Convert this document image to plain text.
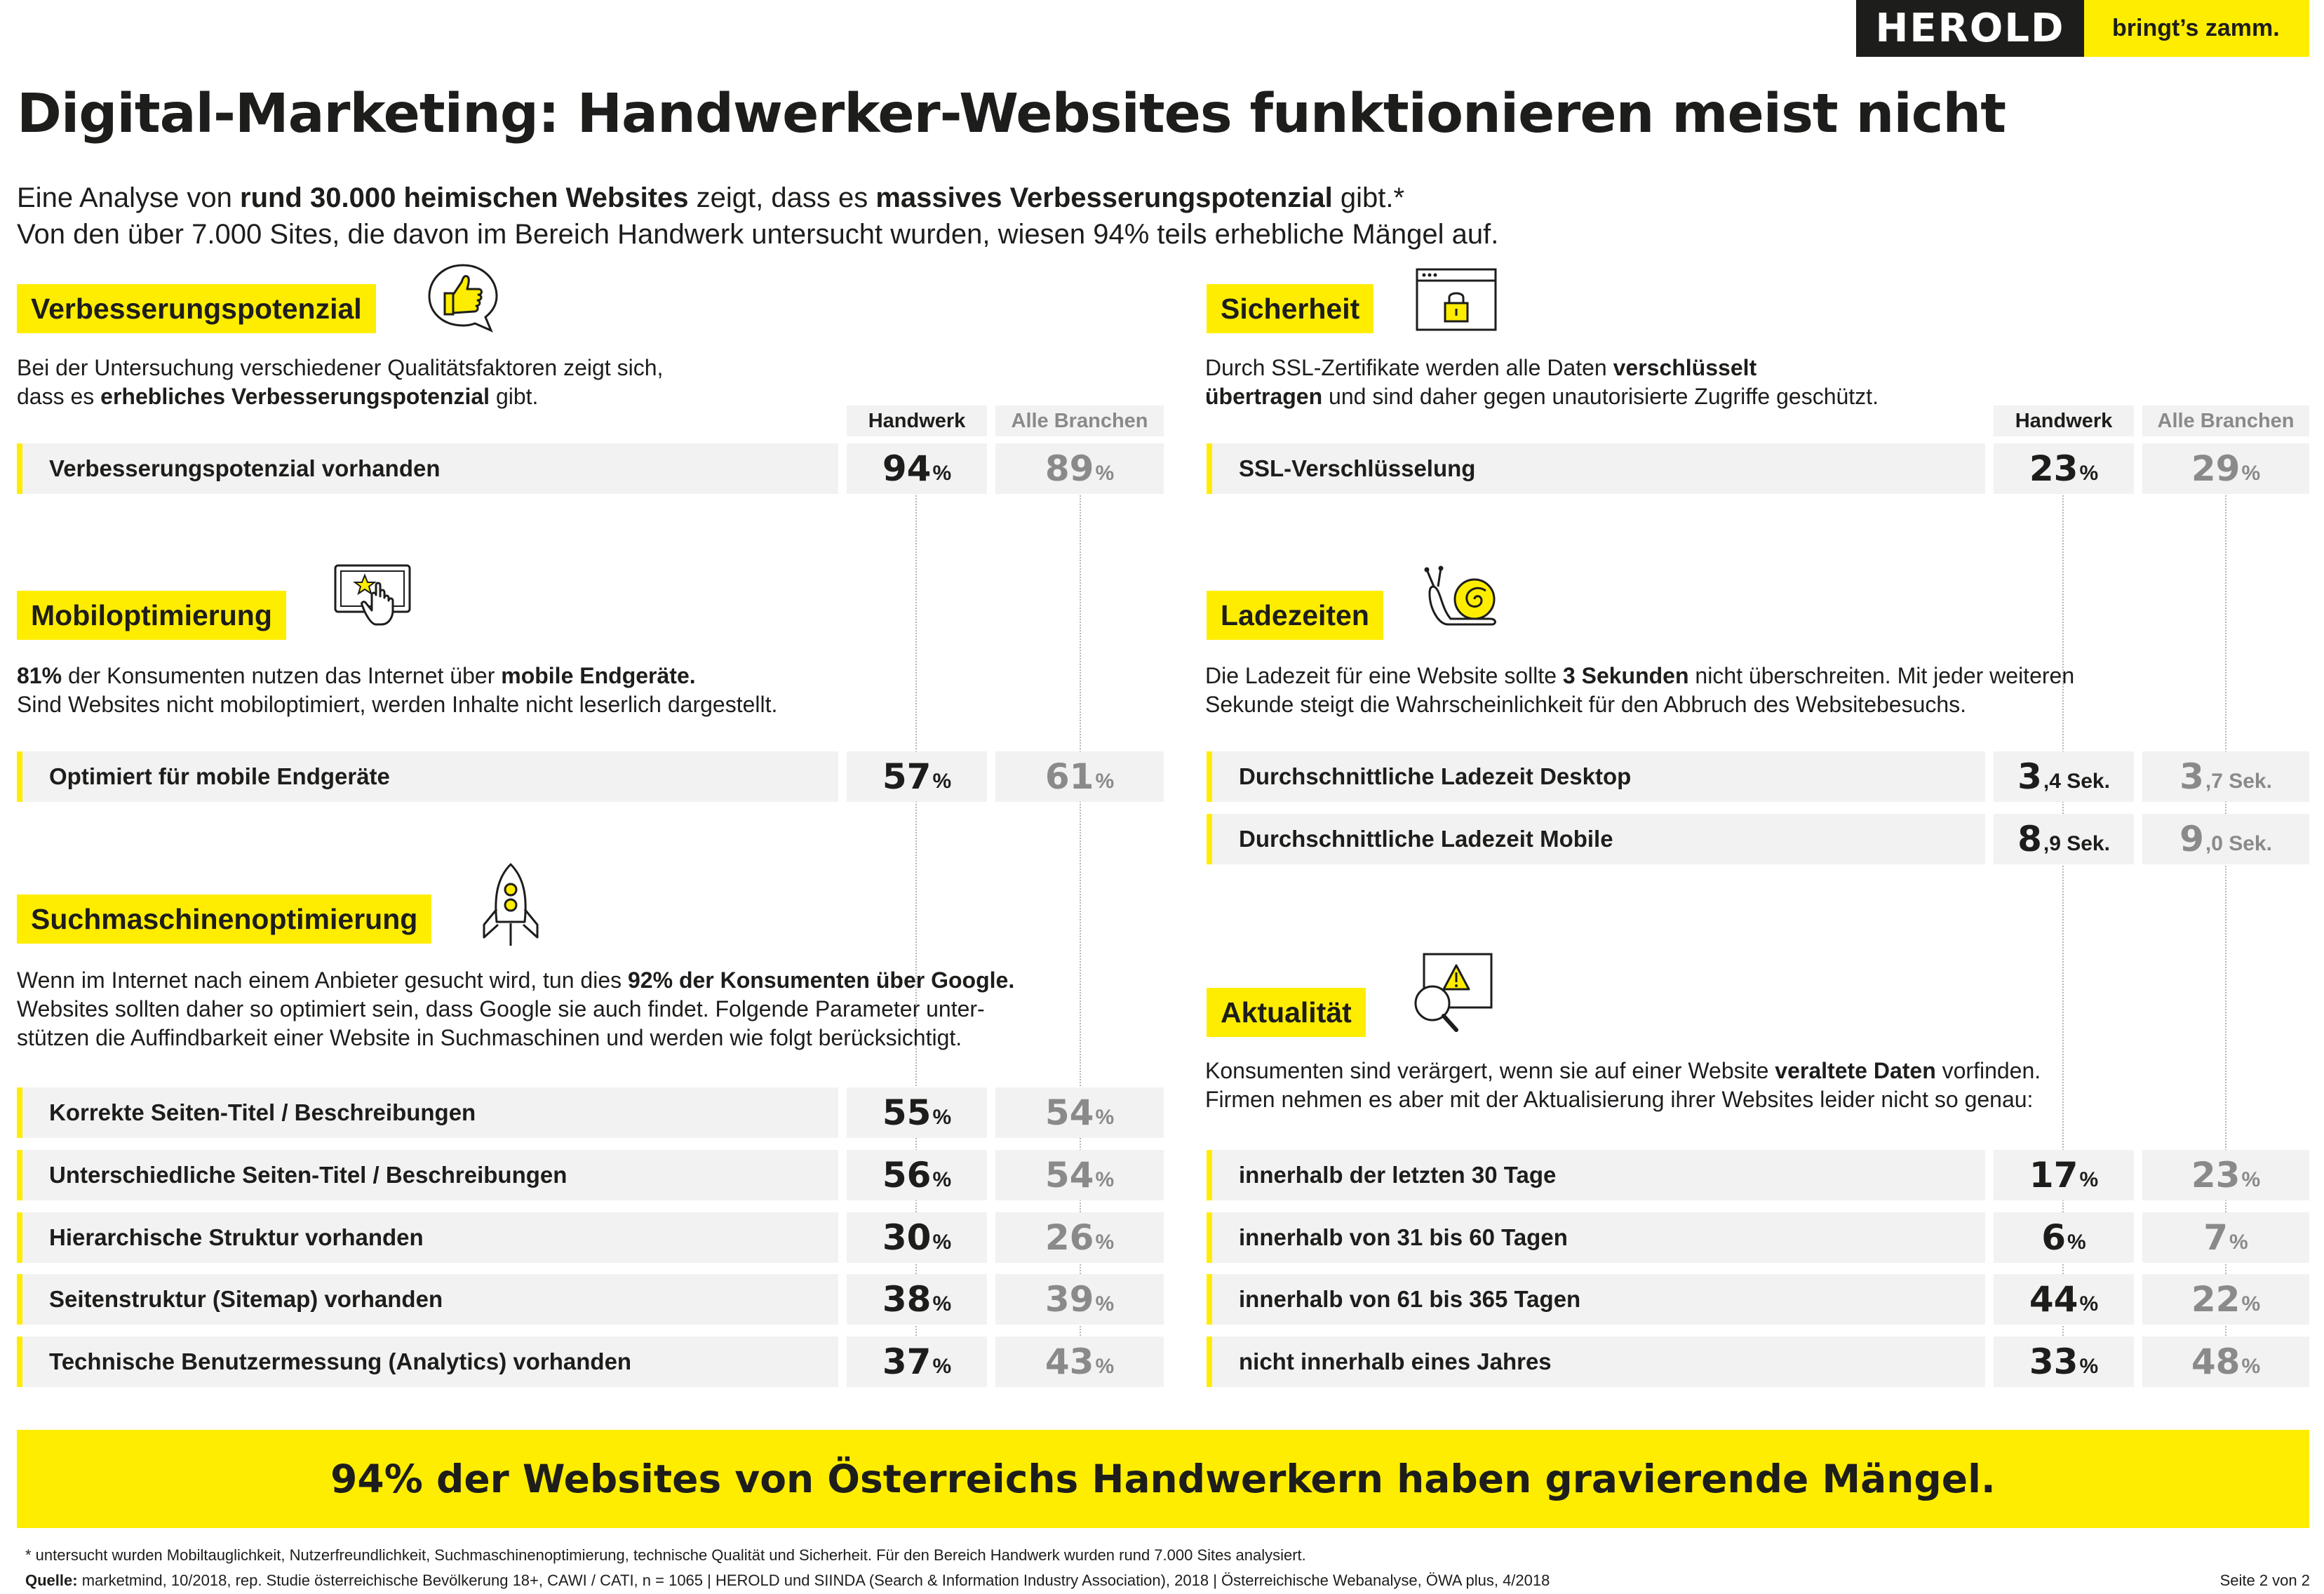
HEROLD	bringt’s zamm.
Digital-Marketing: Handwerker-Websites funktionieren meist nicht
Eine Analyse von rund 30.000 heimischen Websites zeigt, dass es massives Verbesserungspotenzial gibt.*
Von den über 7.000 Sites, die davon im Bereich Handwerk untersucht wurden, wiesen 94% teils erhebliche Mängel auf.
Verbesserungspotenzial
Bei der Untersuchung verschiedener Qualitätsfaktoren zeigt sich,
dass es erhebliches Verbesserungspotenzial gibt.
Handwerk	Alle Branchen
Verbesserungspotenzial vorhanden	94 %	89 %
Mobiloptimierung
81% der Konsumenten nutzen das Internet über mobile Endgeräte.
Sind Websites nicht mobiloptimiert, werden Inhalte nicht leserlich dargestellt.
Optimiert für mobile Endgeräte	57 %	61 %
Suchmaschinenoptimierung
Wenn im Internet nach einem Anbieter gesucht wird, tun dies 92% der Konsumenten über Google.
Websites sollten daher so optimiert sein, dass Google sie auch findet. Folgende Parameter unter-
stützen die Auffindbarkeit einer Website in Suchmaschinen und werden wie folgt berücksichtigt.
Korrekte Seiten-Titel / Beschreibungen	55 %	54 %
Unterschiedliche Seiten-Titel / Beschreibungen	56 %	54 %
Hierarchische Struktur vorhanden	30 %	26 %
Seitenstruktur (Sitemap) vorhanden	38 %	39 %
Technische Benutzermessung (Analytics) vorhanden	37 %	43 %
Sicherheit
Durch SSL-Zertifikate werden alle Daten verschlüsselt
übertragen und sind daher gegen unautorisierte Zugriffe geschützt.
Handwerk	Alle Branchen
SSL-Verschlüsselung	23 %	29 %
Ladezeiten
Die Ladezeit für eine Website sollte 3 Sekunden nicht überschreiten. Mit jeder weiteren
Sekunde steigt die Wahrscheinlichkeit für den Abbruch des Websitebesuchs.
Durchschnittliche Ladezeit Desktop	3 ,4 Sek. 3 ,7 Sek.
Durchschnittliche Ladezeit Mobile	8 ,9 Sek. 9 ,0 Sek.
Aktualität
Konsumenten sind verärgert, wenn sie auf einer Website veraltete Daten vorfinden.
Firmen nehmen es aber mit der Aktualisierung ihrer Websites leider nicht so genau:
innerhalb der letzten 30 Tage	17 %	23 %
innerhalb von 31 bis 60 Tagen	6 %	7 %
innerhalb von 61 bis 365 Tagen	44 %	22 %
nicht innerhalb eines Jahres	33 %	48 %
94% der Websites von Österreichs Handwerkern haben gravierende Mängel.
* untersucht wurden Mobiltauglichkeit, Nutzerfreundlichkeit, Suchmaschinenoptimierung, technische Qualität und Sicherheit. Für den Bereich Handwerk wurden rund 7.000 Sites analysiert.
Quelle: marketmind, 10/2018, rep. Studie österreichische Bevölkerung 18+, CAWI / CATI, n = 1065 | HEROLD und SIINDA (Search & Information Industry Association), 2018 | Österreichische Webanalyse, ÖWA plus, 4/2018	Seite 2 von 2
